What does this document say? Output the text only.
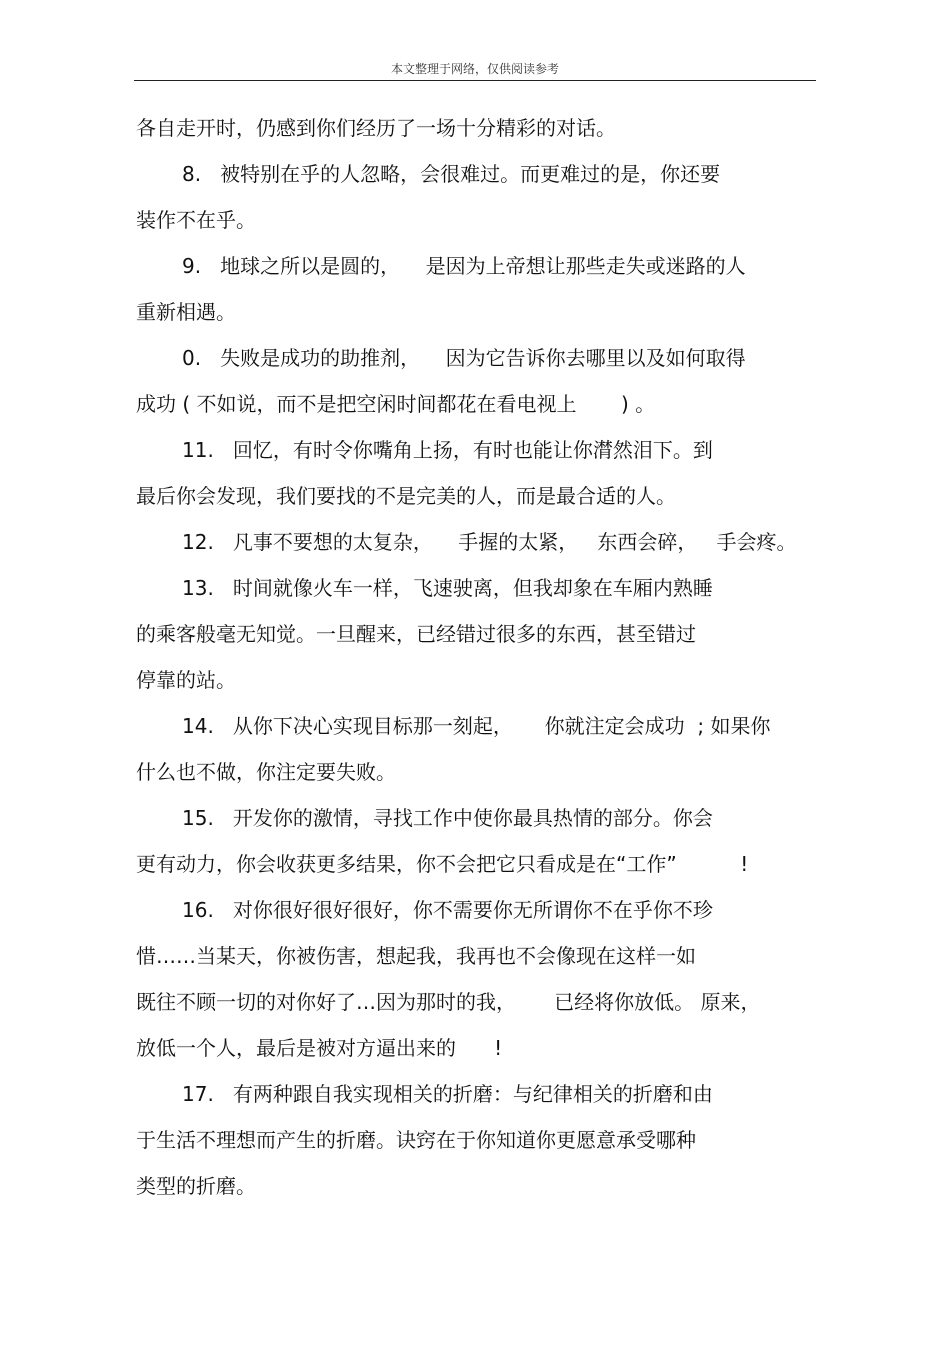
本文整理于网络，仅供阅读参考
各自走开时，仍感到你们经历了一场十分精彩的对话。
8.   被特别在乎的人忽略，会很难过。而更难过的是，你还要
装作不在乎。
9.   地球之所以是圆的，    是因为上帝想让那些走失或迷路的人
重新相遇。
0.   失败是成功的助推剂，    因为它告诉你去哪里以及如何取得
成功 ( 不如说，而不是把空闲时间都花在看电视上       ) 。
11.   回忆，有时令你嘴角上扬，有时也能让你潸然泪下。到
最后你会发现，我们要找的不是完美的人，而是最合适的人。
12.   凡事不要想的太复杂，    手握的太紧，   东西会碎，   手会疼。
13.   时间就像火车一样，飞速驶离，但我却象在车厢内熟睡
的乘客般毫无知觉。一旦醒来，已经错过很多的东西，甚至错过
停靠的站。
14.   从你下决心实现目标那一刻起，     你就注定会成功  ; 如果你
什么也不做，你注定要失败。
15.   开发你的激情，寻找工作中使你最具热情的部分。你会
更有动力，你会收获更多结果，你不会把它只看成是在“工作”          !
16.   对你很好很好很好，你不需要你无所谓你不在乎你不珍
惜……当某天，你被伤害，想起我，我再也不会像现在这样一如
既往不顾一切的对你好了…因为那时的我，      已经将你放低。 原来，
放低一个人，最后是被对方逼出来的      !
17.   有两种跟自我实现相关的折磨：与纪律相关的折磨和由
于生活不理想而产生的折磨。诀窍在于你知道你更愿意承受哪种
类型的折磨。
